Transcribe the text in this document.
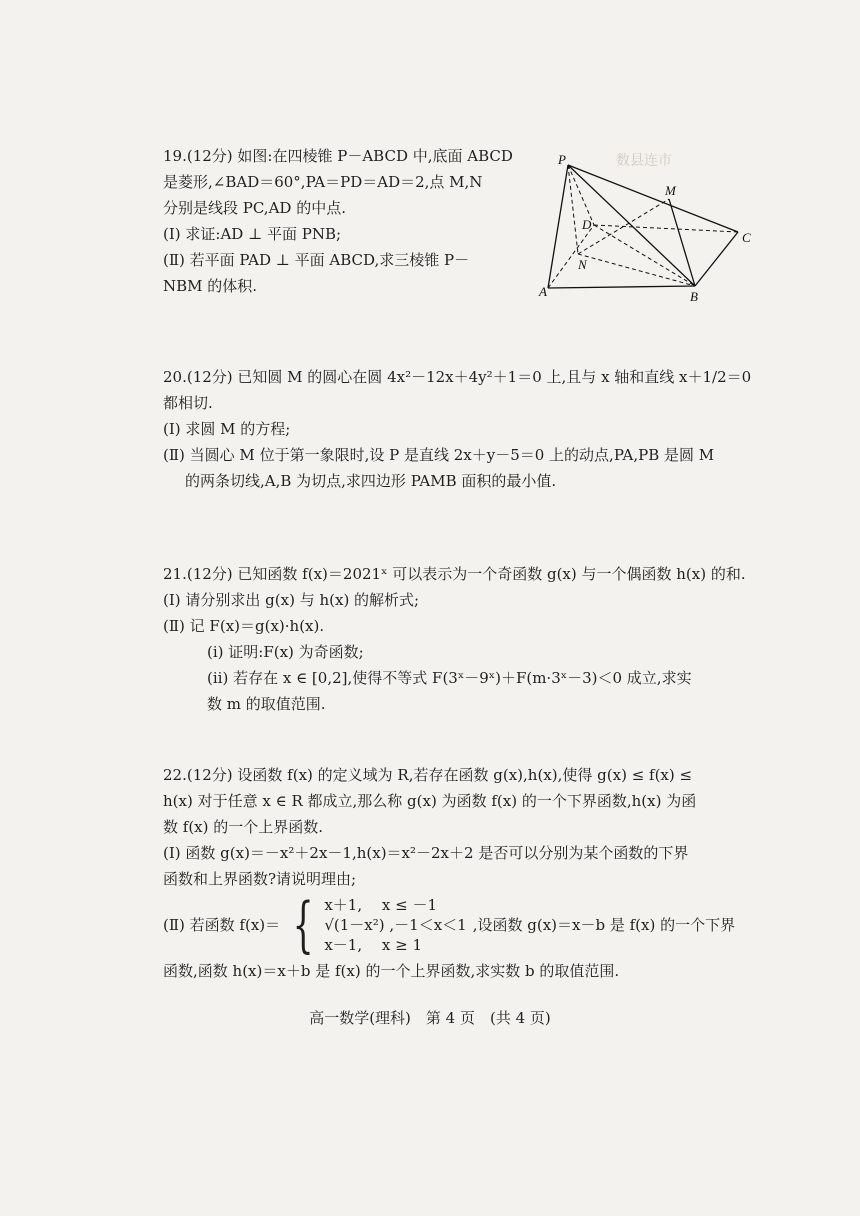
数县连市
19.(12分) 如图:在四棱锥 P－ABCD 中,底面 ABCD
是菱形,∠BAD＝60°,PA＝PD＝AD＝2,点 M,N
分别是线段 PC,AD 的中点.
(Ⅰ) 求证:AD ⊥ 平面 PNB;
(Ⅱ) 若平面 PAD ⊥ 平面 ABCD,求三棱锥 P－
NBM 的体积.
P
M
D
C
N
A	B
20.(12分) 已知圆 M 的圆心在圆 4x²－12x＋4y²＋1＝0 上,且与 x 轴和直线 x＋1/2＝0
都相切.
(Ⅰ) 求圆 M 的方程;
(Ⅱ) 当圆心 M 位于第一象限时,设 P 是直线 2x＋y－5＝0 上的动点,PA,PB 是圆 M
的两条切线,A,B 为切点,求四边形 PAMB 面积的最小值.
21.(12分) 已知函数 f(x)＝2021ˣ 可以表示为一个奇函数 g(x) 与一个偶函数 h(x) 的和.
(Ⅰ) 请分别求出 g(x) 与 h(x) 的解析式;
(Ⅱ) 记 F(x)＝g(x)·h(x).
(ⅰ) 证明:F(x) 为奇函数;
(ⅱ) 若存在 x ∈ [0,2],使得不等式 F(3ˣ－9ˣ)＋F(m·3ˣ－3)＜0 成立,求实
数 m 的取值范围.
22.(12分) 设函数 f(x) 的定义域为 R,若存在函数 g(x),h(x),使得 g(x) ≤ f(x) ≤
h(x) 对于任意 x ∈ R 都成立,那么称 g(x) 为函数 f(x) 的一个下界函数,h(x) 为函
数 f(x) 的一个上界函数.
(Ⅰ) 函数 g(x)＝－x²＋2x－1,h(x)＝x²－2x＋2 是否可以分别为某个函数的下界
函数和上界函数?请说明理由;
(Ⅱ) 若函数 f(x)＝ { x＋1,　 x ≤ －1
√(1－x²) ,－1＜x＜1
x－1,　 x ≥ 1
,设函数 g(x)＝x－b 是 f(x) 的一个下界
函数,函数 h(x)＝x＋b 是 f(x) 的一个上界函数,求实数 b 的取值范围.
高一数学(理科)　第 4 页　(共 4 页)
